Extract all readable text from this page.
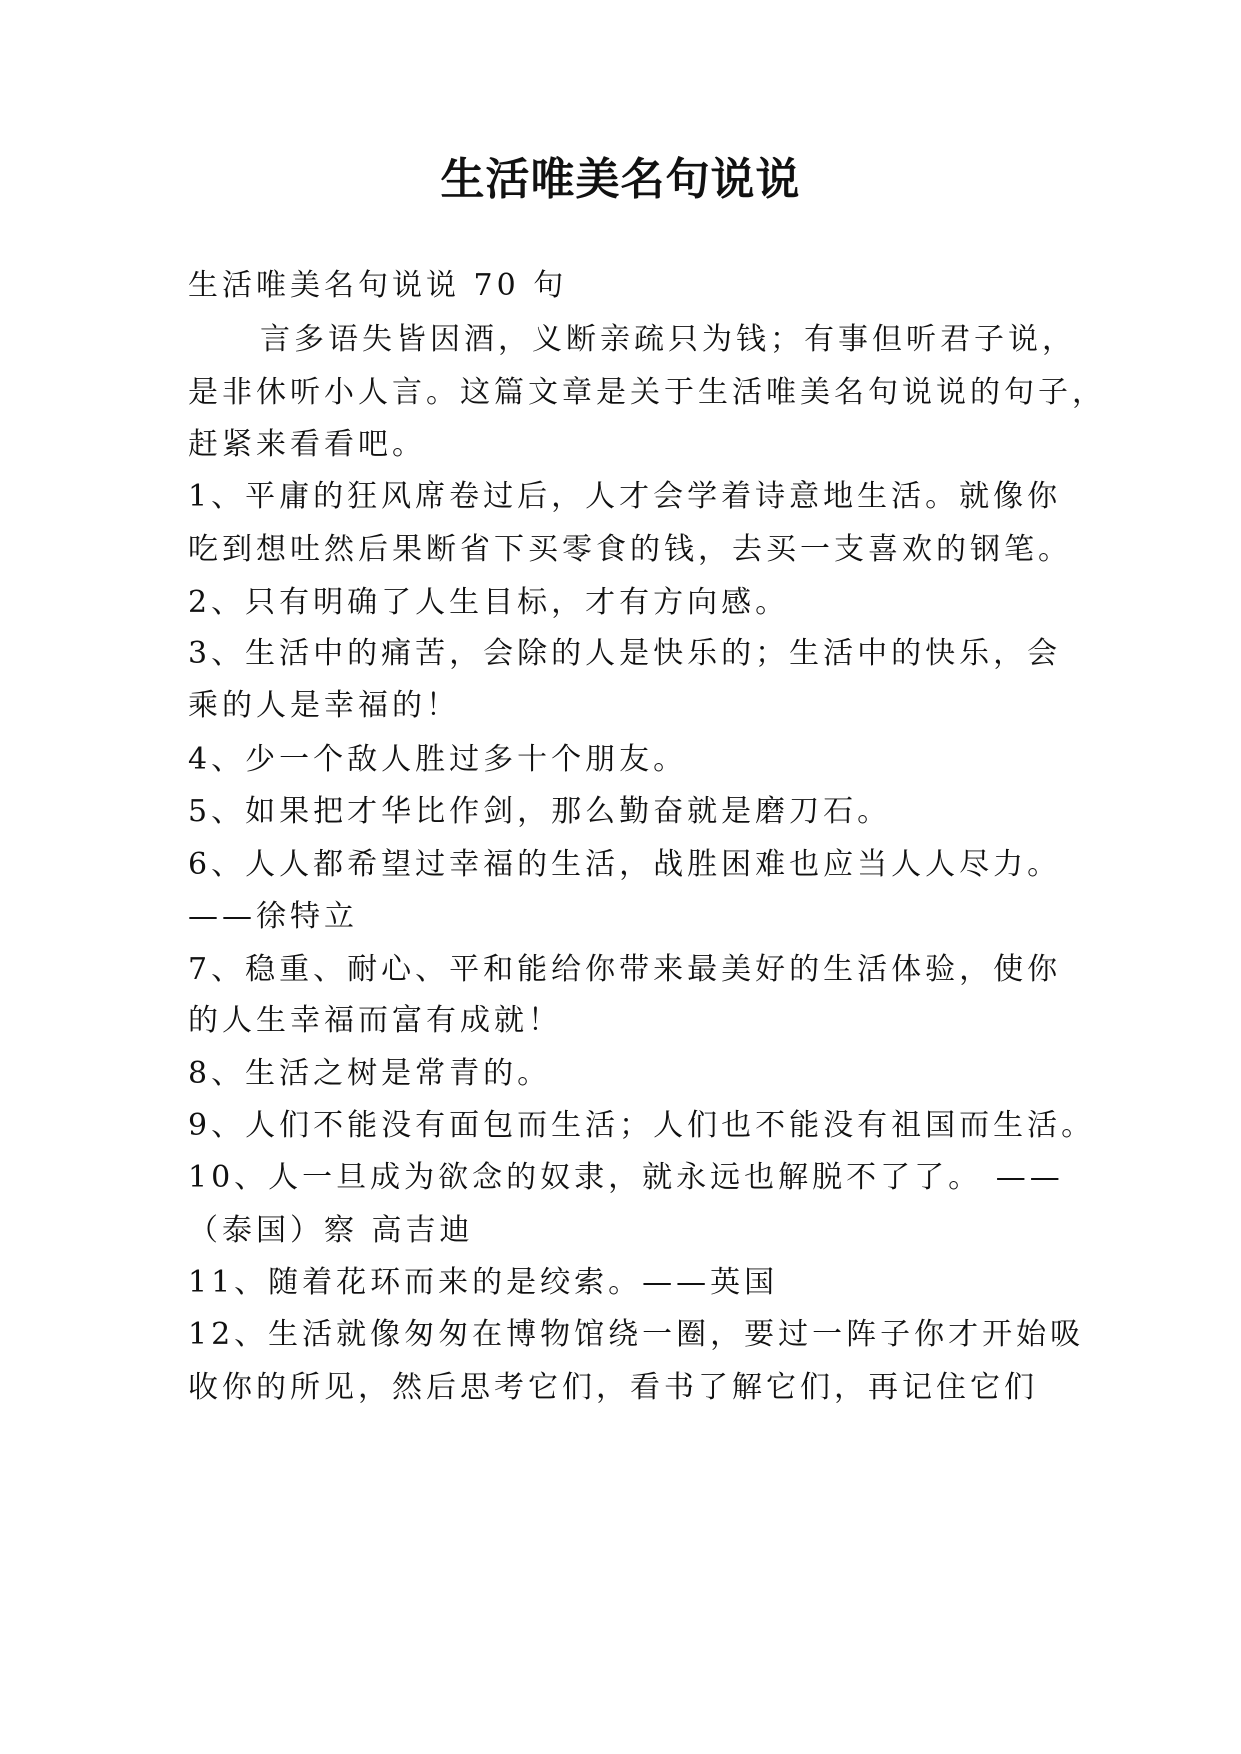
生活唯美名句说说
生活唯美名句说说 70 句
言多语失皆因酒，义断亲疏只为钱；有事但听君子说，
是非休听小人言。这篇文章是关于生活唯美名句说说的句子，
赶紧来看看吧。
1、平庸的狂风席卷过后，人才会学着诗意地生活。就像你
吃到想吐然后果断省下买零食的钱，去买一支喜欢的钢笔。
2、只有明确了人生目标，才有方向感。
3、生活中的痛苦，会除的人是快乐的；生活中的快乐，会
乘的人是幸福的！
4、少一个敌人胜过多十个朋友。
5、如果把才华比作剑，那么勤奋就是磨刀石。
6、人人都希望过幸福的生活，战胜困难也应当人人尽力。
——徐特立
7、稳重、耐心、平和能给你带来最美好的生活体验，使你
的人生幸福而富有成就！
8、生活之树是常青的。
9、人们不能没有面包而生活；人们也不能没有祖国而生活。
10、人一旦成为欲念的奴隶，就永远也解脱不了了。 ——
（泰国）察 高吉迪
11、随着花环而来的是绞索。——英国
12、生活就像匆匆在博物馆绕一圈，要过一阵子你才开始吸
收你的所见，然后思考它们，看书了解它们，再记住它们
